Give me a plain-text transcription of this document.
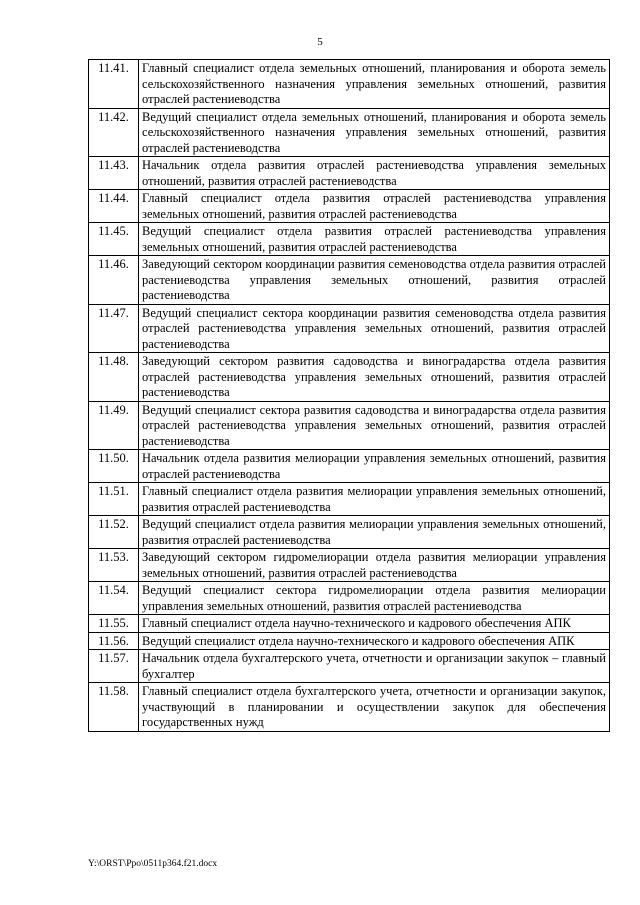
5
11.41.	Главный специалист отдела земельных отношений, планирования и оборота земель сельскохозяйственного назначения управления земельных отношений, развития отраслей растениеводства
11.42.	Ведущий специалист отдела земельных отношений, планирования и оборота земель сельскохозяйственного назначения управления земельных отношений, развития отраслей растениеводства
11.43.	Начальник отдела развития отраслей растениеводства управления земельных отношений, развития отраслей растениеводства
11.44.	Главный специалист отдела развития отраслей растениеводства управления земельных отношений, развития отраслей растениеводства
11.45.	Ведущий специалист отдела развития отраслей растениеводства управления земельных отношений, развития отраслей растениеводства
11.46.	Заведующий сектором координации развития семеноводства отдела развития отраслей растениеводства управления земельных отношений, развития отраслей растениеводства
11.47.	Ведущий специалист сектора координации развития семеноводства отдела развития отраслей растениеводства управления земельных отношений, развития отраслей растениеводства
11.48.	Заведующий сектором развития садоводства и виноградарства отдела развития отраслей растениеводства управления земельных отношений, развития отраслей растениеводства
11.49.	Ведущий специалист сектора развития садоводства и виноградарства отдела развития отраслей растениеводства управления земельных отношений, развития отраслей растениеводства
11.50.	Начальник отдела развития мелиорации управления земельных отношений, развития отраслей растениеводства
11.51.	Главный специалист отдела развития мелиорации управления земельных отношений, развития отраслей растениеводства
11.52.	Ведущий специалист отдела развития мелиорации управления земельных отношений, развития отраслей растениеводства
11.53.	Заведующий сектором гидромелиорации отдела развития мелиорации управления земельных отношений, развития отраслей растениеводства
11.54.	Ведущий специалист сектора гидромелиорации отдела развития мелиорации управления земельных отношений, развития отраслей растениеводства
11.55.	Главный специалист отдела научно-технического и кадрового обеспечения АПК
11.56.	Ведущий специалист отдела научно-технического и кадрового обеспечения АПК
11.57.	Начальник отдела бухгалтерского учета, отчетности и организации закупок – главный бухгалтер
11.58.	Главный специалист отдела бухгалтерского учета, отчетности и организации закупок, участвующий в планировании и осуществлении закупок для обеспечения государственных нужд
Y:\ORST\Ppo\0511p364.f21.docx
